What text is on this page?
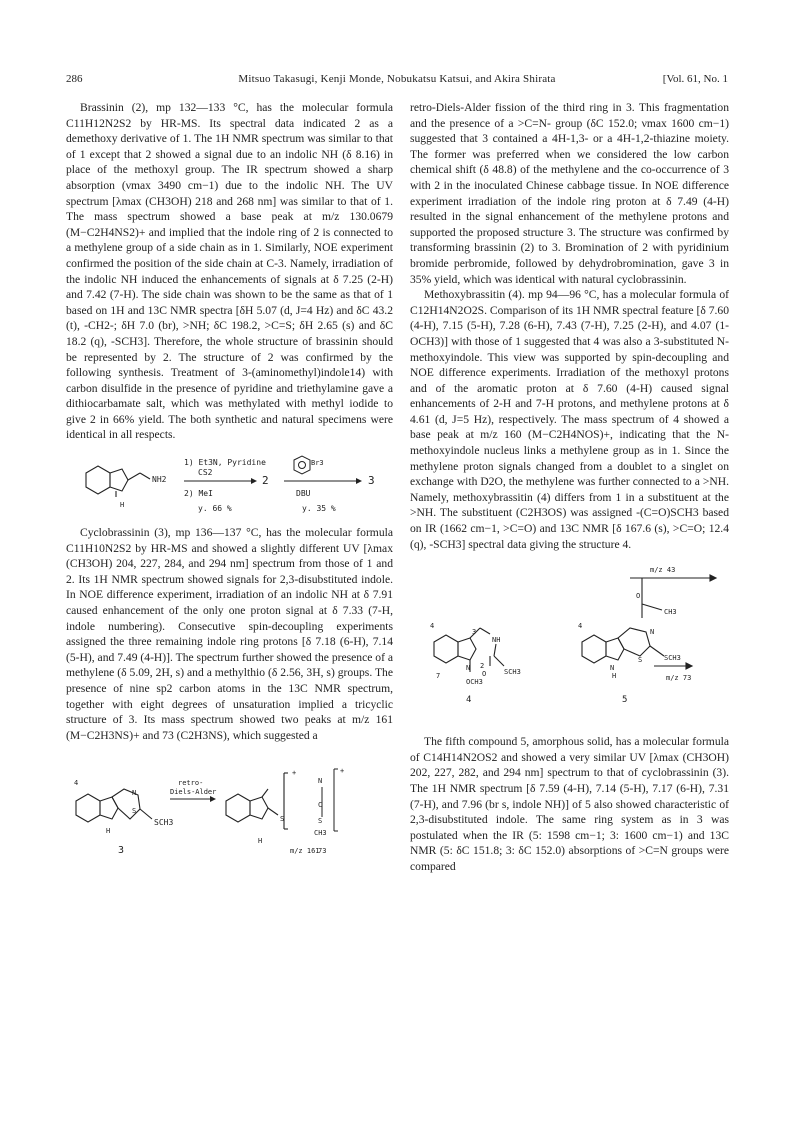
286	Mitsuo Takasugi, Kenji Monde, Nobukatsu Katsui, and Akira Shirata	[Vol. 61, No. 1

Brassinin (2), mp 132—133 °C, has the molecular formula C11H12N2S2 by HR-MS. Its spectral data indicated 2 as a demethoxy derivative of 1. The 1H NMR spectrum was similar to that of 1 except that 2 showed a signal due to an indolic NH (δ 8.16) in place of the methoxyl group. The IR spectrum showed a sharp absorption (νmax 3490 cm−1) due to the indolic NH. The UV spectrum [λmax (CH3OH) 218 and 268 nm] was similar to that of 1. The mass spectrum showed a base peak at m/z 130.0679 (M−C2H4NS2)+ and implied that the indole ring of 2 is connected to a methylene group of a side chain as in 1. Similarly, NOE experiment confirmed the position of the side chain at C-3. Namely, irradiation of the indolic NH induced the enhancements of signals at δ 7.25 (2-H) and 7.42 (7-H). The side chain was shown to be the same as that of 1 based on 1H and 13C NMR spectra [δH 5.07 (d, J=4 Hz) and δC 43.2 (t), -CH2-; δH 7.0 (br), >NH; δC 198.2, >C=S; δH 2.65 (s) and δC 18.2 (q), -SCH3]. Therefore, the whole structure of brassinin should be represented by 2. The structure of 2 was confirmed by the following synthesis. Treatment of 3-(aminomethyl)indole14) with carbon disulfide in the presence of pyridine and triethylamine gave a dithiocarbamate salt, which was methylated with methyl iodide to give 2 in 66% yield. The both synthetic and natural specimens were identical in all respects.

NH2
H
1) Et3N, Pyridine
CS2
2) MeI
y. 66 %
2
Br3
DBU
y. 35 %
3

Cyclobrassinin (3), mp 136—137 °C, has the molecular formula C11H10N2S2 by HR-MS and showed a slightly different UV [λmax (CH3OH) 204, 227, 284, and 294 nm] spectrum from those of 1 and 2. Its 1H NMR spectrum showed signals for 2,3-disubstituted indole. In NOE difference experiment, irradiation of an indolic NH at δ 7.91 caused enhancement of the only one proton signal at δ 7.33 (7-H, indole numbering). Consecutive spin-decoupling experiments assigned the three remaining indole ring protons [δ 7.18 (6-H), 7.14 (5-H), and 7.49 (4-H)]. The spectrum further showed the presence of a methylene (δ 5.09, 2H, s) and a methylthio (δ 2.56, 3H, s) groups. The presence of nine sp2 carbon atoms in the 13C NMR spectrum, together with eight degrees of unsaturation implied a tricyclic structure of 3. Its mass spectrum showed two peaks at m/z 161 (M−C2H3NS)+ and 73 (C2H3NS), which suggested a

4
SCH3
H
S
N
retro-
Diels-Alder
S
+
H
m/z 161
N
C
S
CH3
+
73
3

retro-Diels-Alder fission of the third ring in 3. This fragmentation and the presence of a >C=N- group (δC 152.0; νmax 1600 cm−1) suggested that 3 contained a 4H-1,3- or a 4H-1,2-thiazine moiety. The former was preferred when we considered the low carbon chemical shift (δ 48.8) of the methylene and the co-occurrence of 3 with 2 in the inoculated Chinese cabbage tissue. In NOE difference experiment irradiation of the indole ring proton at δ 7.49 (4-H) resulted in the signal enhancement of the methylene protons and supported the proposed structure 3. The structure was confirmed by transforming brassinin (2) to 3. Bromination of 2 with pyridinium bromide perbromide, followed by dehydrobromination, gave 3 in 35% yield, which was identical with natural cyclobrassinin.

Methoxybrassitin (4). mp 94—96 °C, has a molecular formula of C12H14N2O2S. Comparison of its 1H NMR spectral feature [δ 7.60 (4-H), 7.15 (5-H), 7.28 (6-H), 7.43 (7-H), 7.25 (2-H), and 4.07 (1-OCH3)] with those of 1 suggested that 4 was also a 3-substituted N-methoxyindole. This view was supported by spin-decoupling and NOE difference experiments. Irradiation of the methoxyl protons and of the aromatic proton at δ 7.60 (4-H) caused signal enhancements of 2-H and 7-H protons, and methylene protons at δ 4.61 (d, J=5 Hz), respectively. The mass spectrum of 4 showed a base peak at m/z 160 (M−C2H4NOS)+, indicating that the N-methoxyindole nucleus links a methylene group as in 1. Since the methylene proton signals changed from a doublet to a singlet on exchange with D2O, the methylene was further connected to a >NH. Namely, methoxybrassitin (4) differs from 1 in a substituent at the >NH. The substituent (C2H3OS) was assigned -(C=O)SCH3 based on IR (1662 cm−1, >C=O) and 13C NMR [δ 167.6 (s), >C=O; 12.4 (q), -SCH3] spectral data giving the structure 4.

4
3
NH
2
O	SCH3
N
7
OCH3
4
m/z 43
O
CH3
4
N
N
H
S	SCH3
m/z 73
5

The fifth compound 5, amorphous solid, has a molecular formula of C14H14N2OS2 and showed a very similar UV [λmax (CH3OH) 202, 227, 282, and 294 nm] spectrum to that of cyclobrassinin (3). The 1H NMR spectrum [δ 7.59 (4-H), 7.14 (5-H), 7.17 (6-H), 7.31 (7-H), and 7.96 (br s, indole NH)] of 5 also showed characteristic of 2,3-disubstituted indole. The same ring system as in 3 was postulated when the IR (5: 1598 cm−1; 3: 1600 cm−1) and 13C NMR (5: δC 151.8; 3: δC 152.0) absorptions of >C=N groups were compared
